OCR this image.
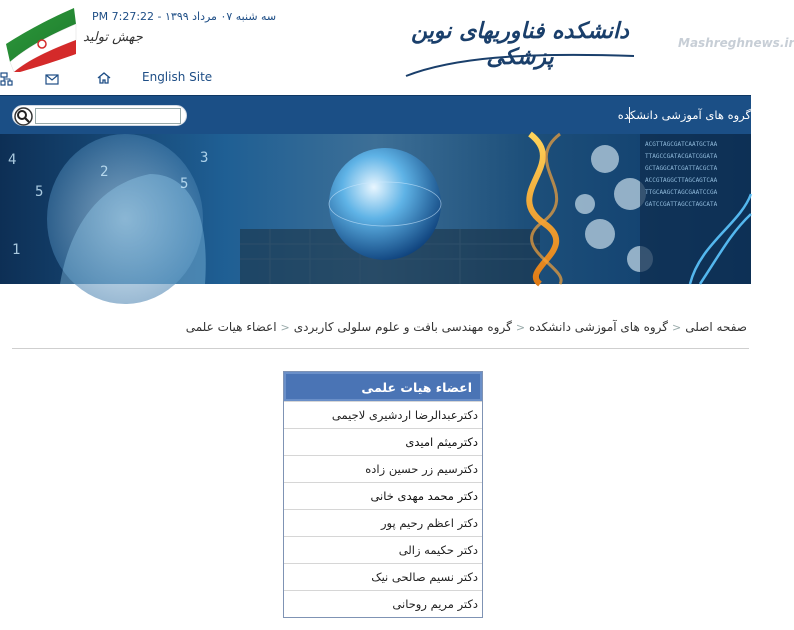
سه شنبه ۰۷ مرداد ۱۳۹۹ - 7:27:22 PM
جهش تولید	دانشکده فناوریهای نوین پزشکی
Mashreghnews.ir
English Site
گروه های آموزشی دانشکده
4
5
3
2
5
1
ACGTTAGCGATCAATGCTAA
TTAGCCGATACGATCGGATA
GCTAGGCATCGATTACGCTA
ACCGTAGGCTTAGCAGTCAA
TTGCAAGCTAGCGAATCCGA
GATCCGATTAGCCTAGCATA
صفحه اصلی<گروه های آموزشی دانشکده<گروه مهندسی بافت و علوم سلولی کاربردی<اعضاء هیات علمی
اعضاء هیات علمی
دکترعبدالرضا اردشیری لاجیمی
دکترمیثم امیدی
دکترسیم زر حسین زاده
دکتر محمد مهدی خانی
دکتر اعظم رحیم پور
دکتر حکیمه زالی
دکتر نسیم صالحی نیک
دکتر مریم روحانی
